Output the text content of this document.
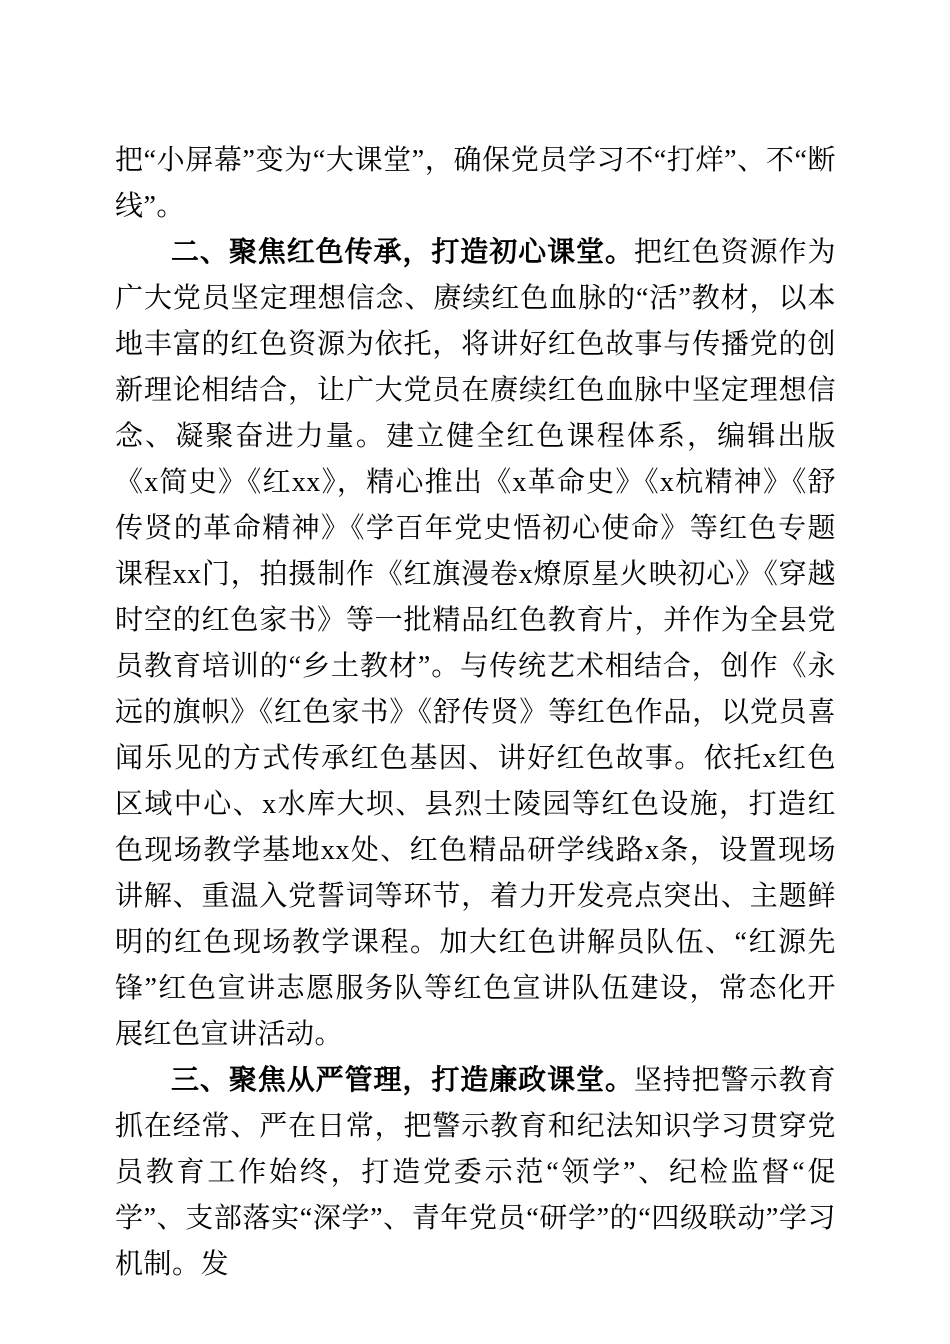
把“小屏幕”变为“大课堂”，确保党员学习不“打烊”、不“断线”。

二、聚焦红色传承，打造初心课堂。把红色资源作为广大党员坚定理想信念、赓续红色血脉的“活”教材，以本地丰富的红色资源为依托，将讲好红色故事与传播党的创新理论相结合，让广大党员在赓续红色血脉中坚定理想信念、凝聚奋进力量。建立健全红色课程体系，编辑出版《x简史》《红xx》，精心推出《x革命史》《x杭精神》《舒传贤的革命精神》《学百年党史悟初心使命》等红色专题课程xx门，拍摄制作《红旗漫卷x燎原星火映初心》《穿越时空的红色家书》等一批精品红色教育片，并作为全县党员教育培训的“乡土教材”。与传统艺术相结合，创作《永远的旗帜》《红色家书》《舒传贤》等红色作品，以党员喜闻乐见的方式传承红色基因、讲好红色故事。依托x红色区域中心、x水库大坝、县烈士陵园等红色设施，打造红色现场教学基地xx处、红色精品研学线路x条，设置现场讲解、重温入党誓词等环节，着力开发亮点突出、主题鲜明的红色现场教学课程。加大红色讲解员队伍、“红源先锋”红色宣讲志愿服务队等红色宣讲队伍建设，常态化开展红色宣讲活动。

三、聚焦从严管理，打造廉政课堂。坚持把警示教育抓在经常、严在日常，把警示教育和纪法知识学习贯穿党员教育工作始终，打造党委示范“领学”、纪检监督“促学”、支部落实“深学”、青年党员“研学”的“四级联动”学习机制。发
